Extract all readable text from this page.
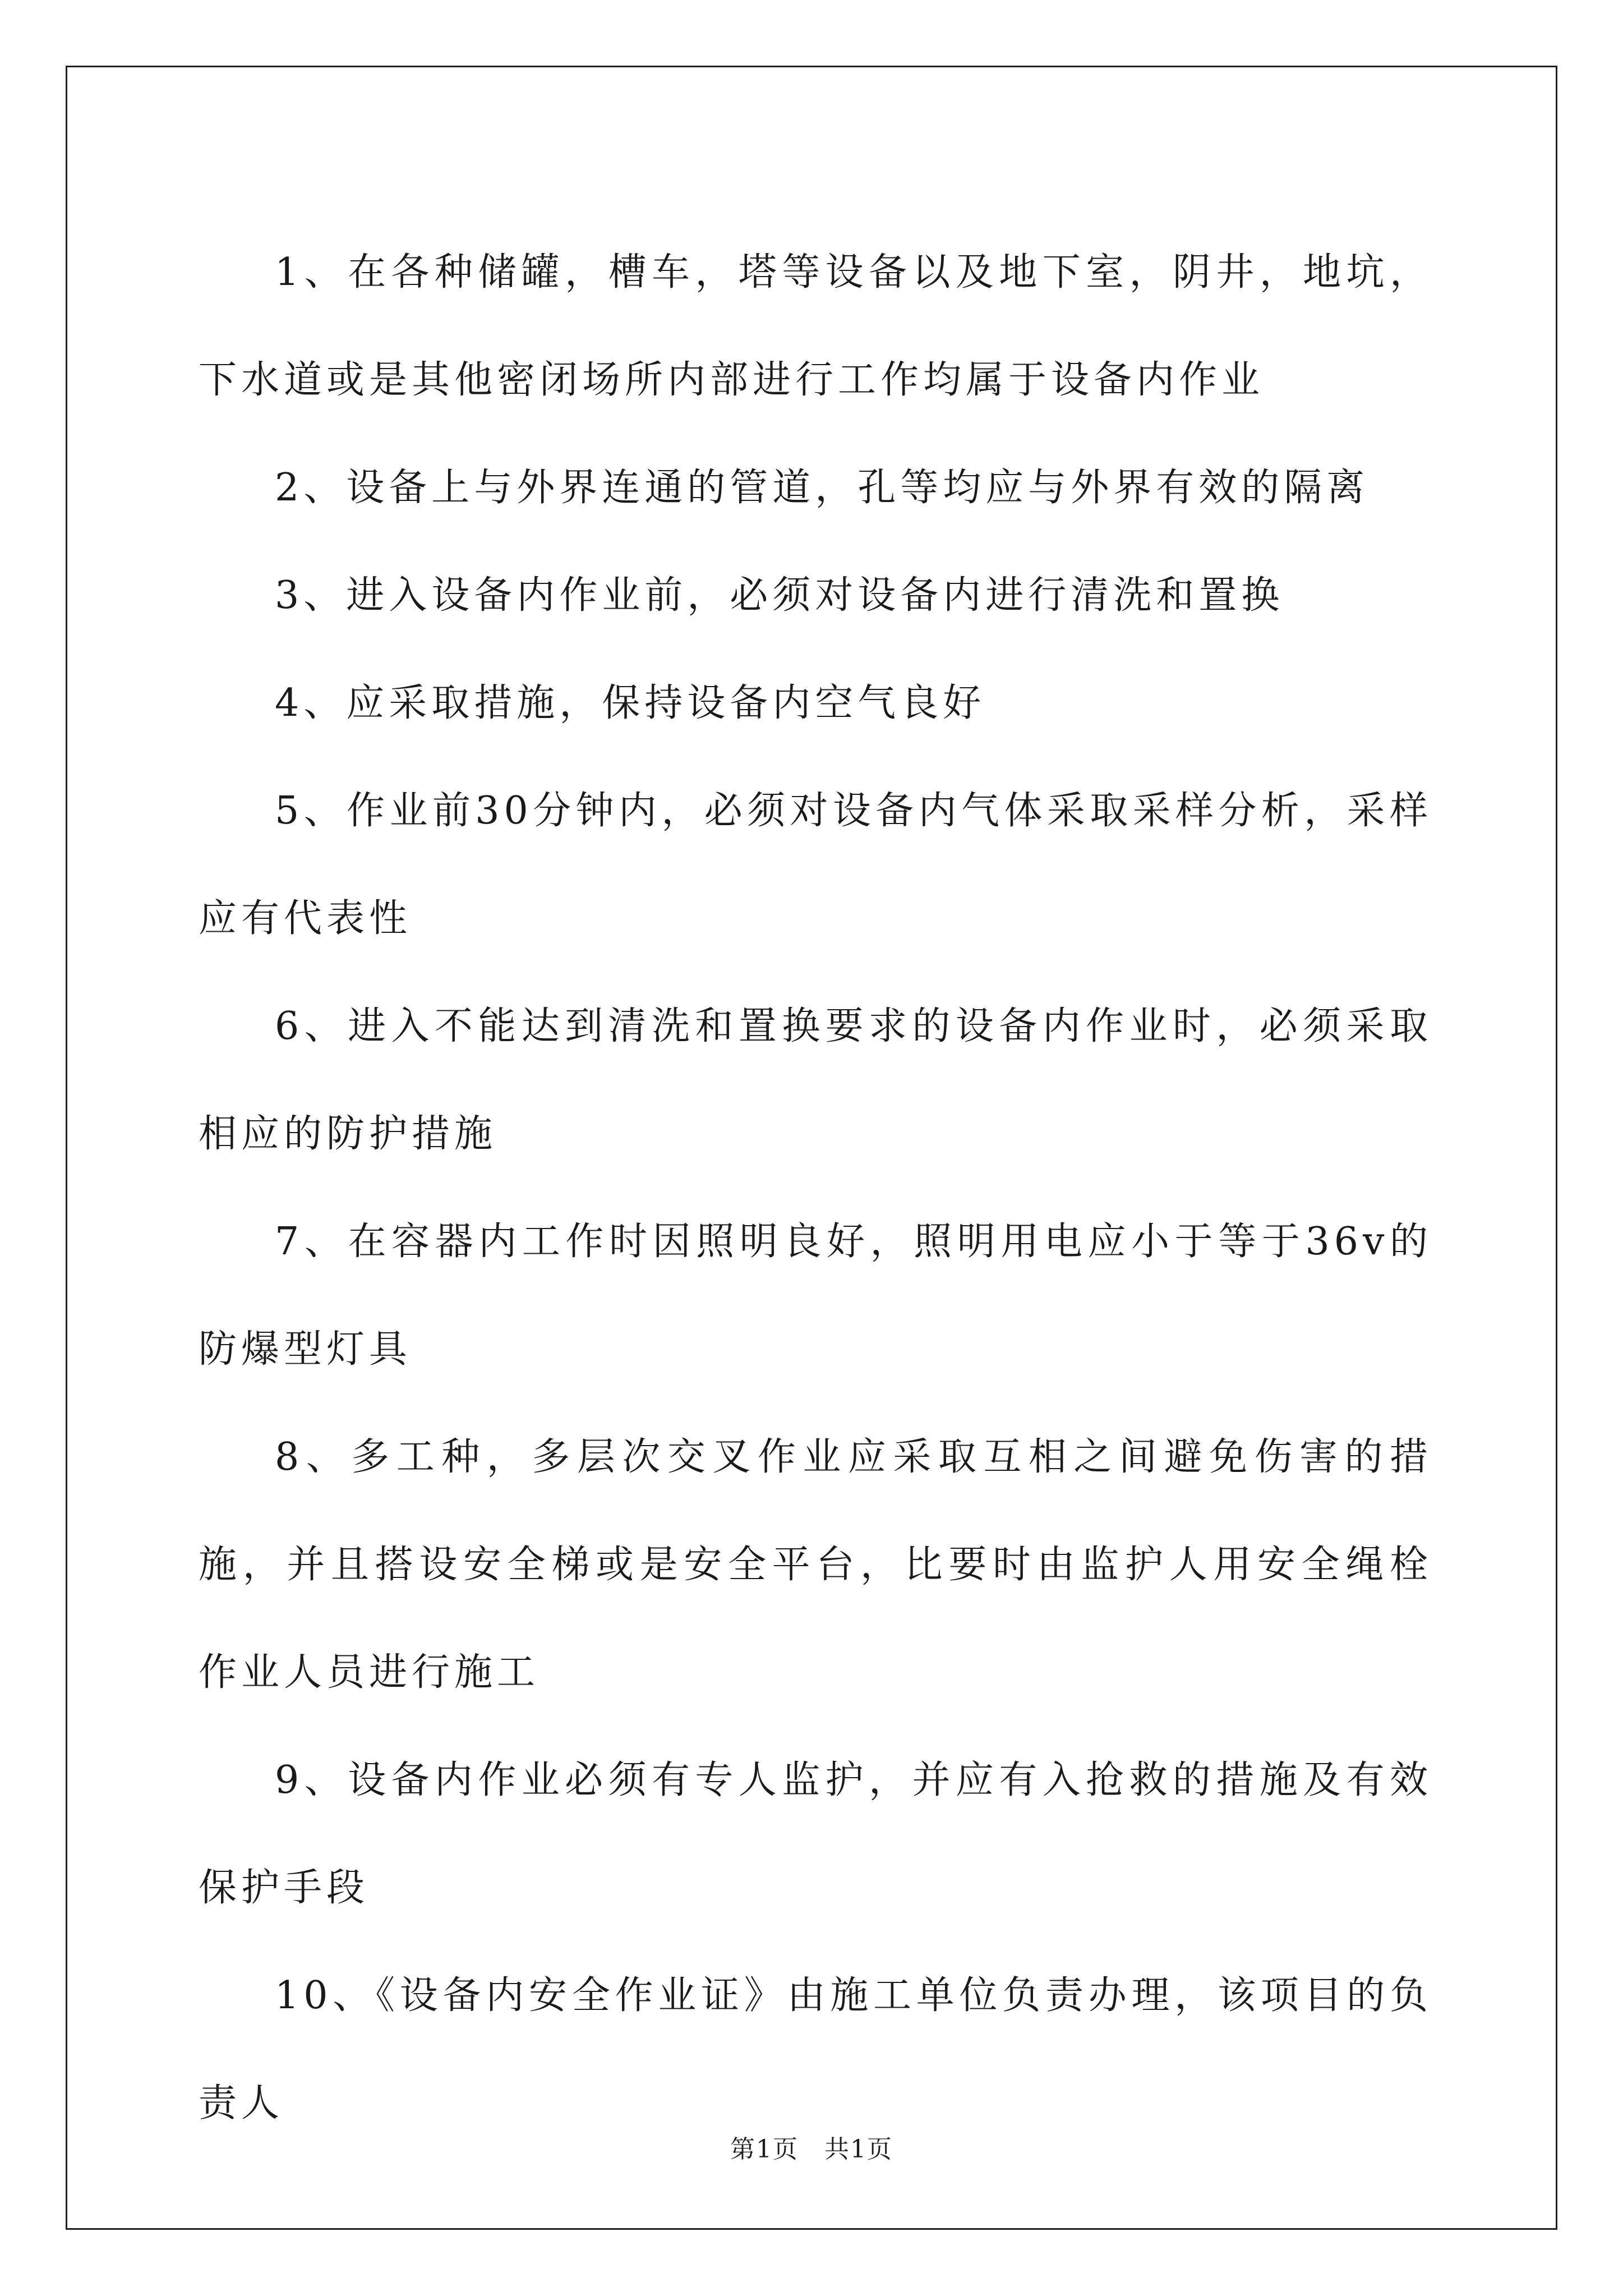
1、在各种储罐，槽车，塔等设备以及地下室，阴井，地坑，下水道或是其他密闭场所内部进行工作均属于设备内作业

2、设备上与外界连通的管道，孔等均应与外界有效的隔离

3、进入设备内作业前，必须对设备内进行清洗和置换

4、应采取措施，保持设备内空气良好

5、作业前30分钟内，必须对设备内气体采取采样分析，采样应有代表性

6、进入不能达到清洗和置换要求的设备内作业时，必须采取相应的防护措施

7、在容器内工作时因照明良好，照明用电应小于等于36v的防爆型灯具

8、多工种，多层次交叉作业应采取互相之间避免伤害的措施，并且搭设安全梯或是安全平台，比要时由监护人用安全绳栓作业人员进行施工

9、设备内作业必须有专人监护，并应有入抢救的措施及有效保护手段

10、《设备内安全作业证》由施工单位负责办理，该项目的负责人

第1页　共1页
